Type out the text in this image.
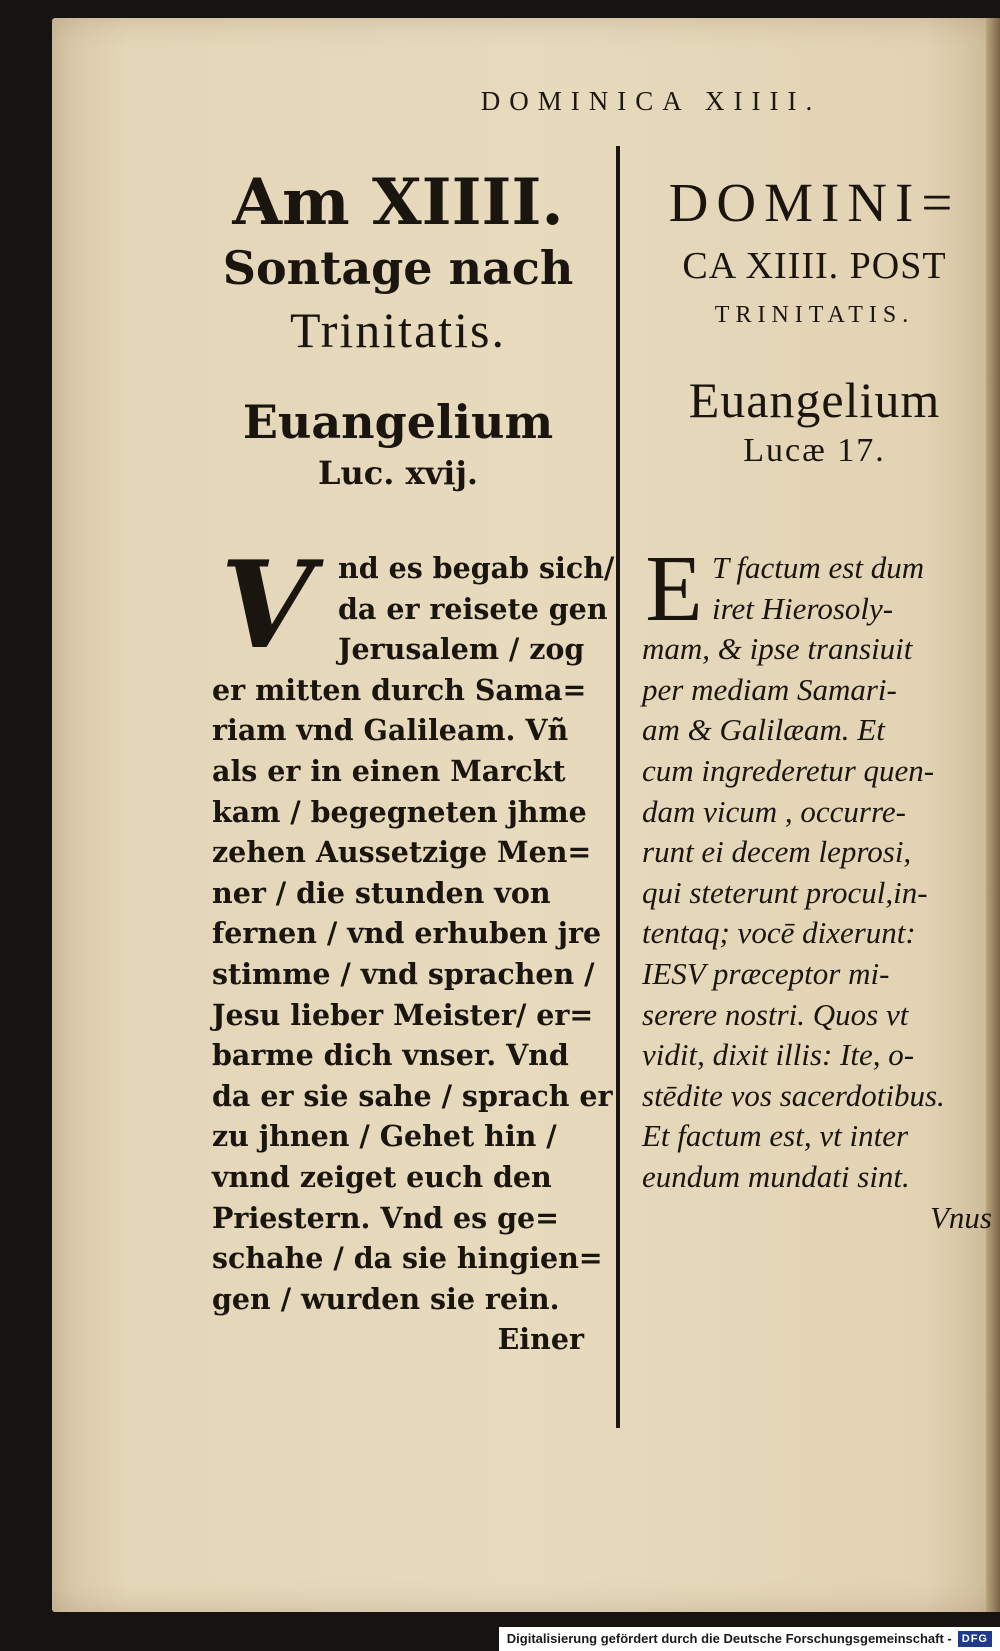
DOMINICA XIIII.
Am XIIII.
Sontage nach
Trinitatis.
Euangelium
Luc. xvij.
DOMINI=
CA XIIII. POST
TRINITATIS.
Euangelium
Lucæ 17.
V nd es begab sich/
da er reisete gen
Jerusalem / zog
er mitten durch Sama=
riam vnd Galileam. Vñ
als er in einen Marckt
kam / begegneten jhme
zehen Aussetzige Men=
ner / die stunden von
fernen / vnd erhuben jre
stimme / vnd sprachen /
Jesu lieber Meister/ er=
barme dich vnser. Vnd
da er sie sahe / sprach er
zu jhnen / Gehet hin /
vnnd zeiget euch den
Priestern. Vnd es ge=
schahe / da sie hingien=
gen / wurden sie rein.
Einer
E T factum est dum
iret Hierosoly-
mam, & ipse transiuit
per mediam Samari-
am & Galilæam. Et
cum ingrederetur quen-
dam vicum , occurre-
runt ei decem leprosi,
qui steterunt procul,in-
tentaq; vocē dixerunt:
IESV præceptor mi-
serere nostri. Quos vt
vidit, dixit illis: Ite, o-
stēdite vos sacerdotibus.
Et factum est, vt inter
eundum mundati sint.
Vnus
Digitalisierung gefördert durch die Deutsche Forschungsgemeinschaft - DFG
